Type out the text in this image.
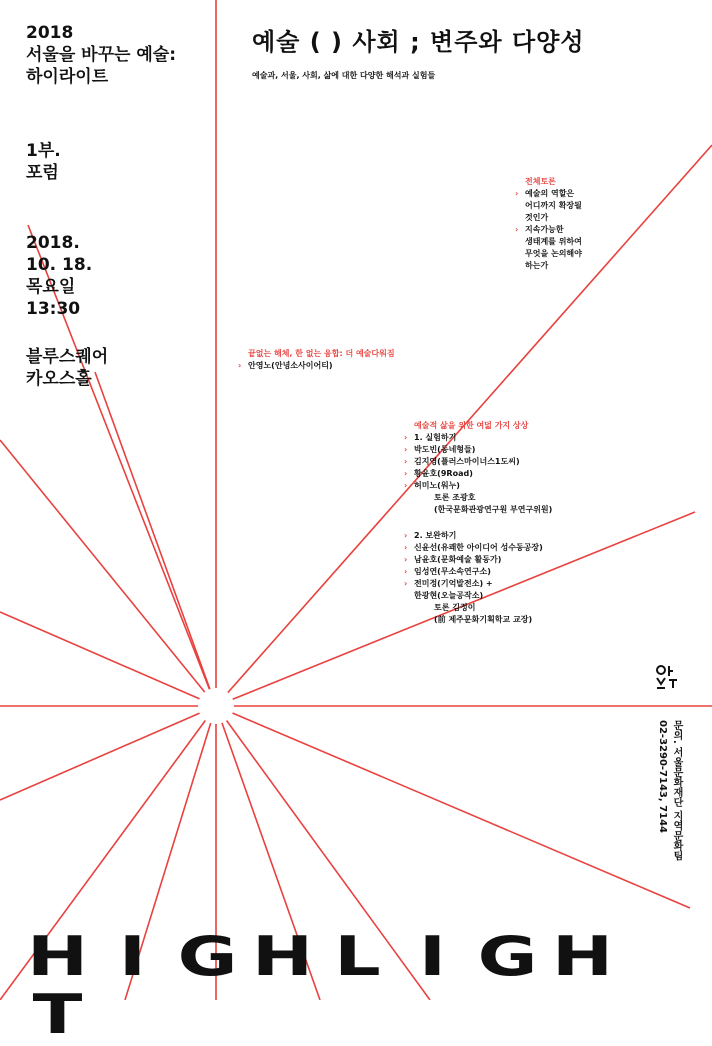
2018
서울을 바꾸는 예술:
하이라이트
1부.
포럼
2018.
10. 18.
목요일
13:30
블루스퀘어
카오스홀
예술 ( ) 사회 ; 변주와 다양성
예술과, 서울, 사회, 삶에 대한 다양한 해석과 실험들
전체토론
› 예술의 역할은
어디까지 확장될
것인가
› 지속가능한
생태계를 위하여
무엇을 논의해야
하는가
끝없는 해체, 한 없는 융합: 더 예술다워짐
› 안영노(안녕소사이어티)
예술적 삶을 위한 여덟 가지 상상
› 1. 실험하기
› 박도빈(동네형들)
› 김지영(플러스마이너스1도씨)
› 황윤호(9Road)
› 허미노(워누)
토론 조광호
(한국문화관광연구원 부연구위원)
› 2. 보완하기
› 신윤선(유쾌한 아이디어 성수동공장)
› 남윤호(문화예술 활동가)
› 임성연(무소속연구소)
› 전미정(기억발전소) +
한광현(오늘공작소)
토론 김정이
(前 제주문화기획학교 교장)
문의. 서울문화재단 지역문화팀
02-3290-7143, 7144
H I G H L I G HT
